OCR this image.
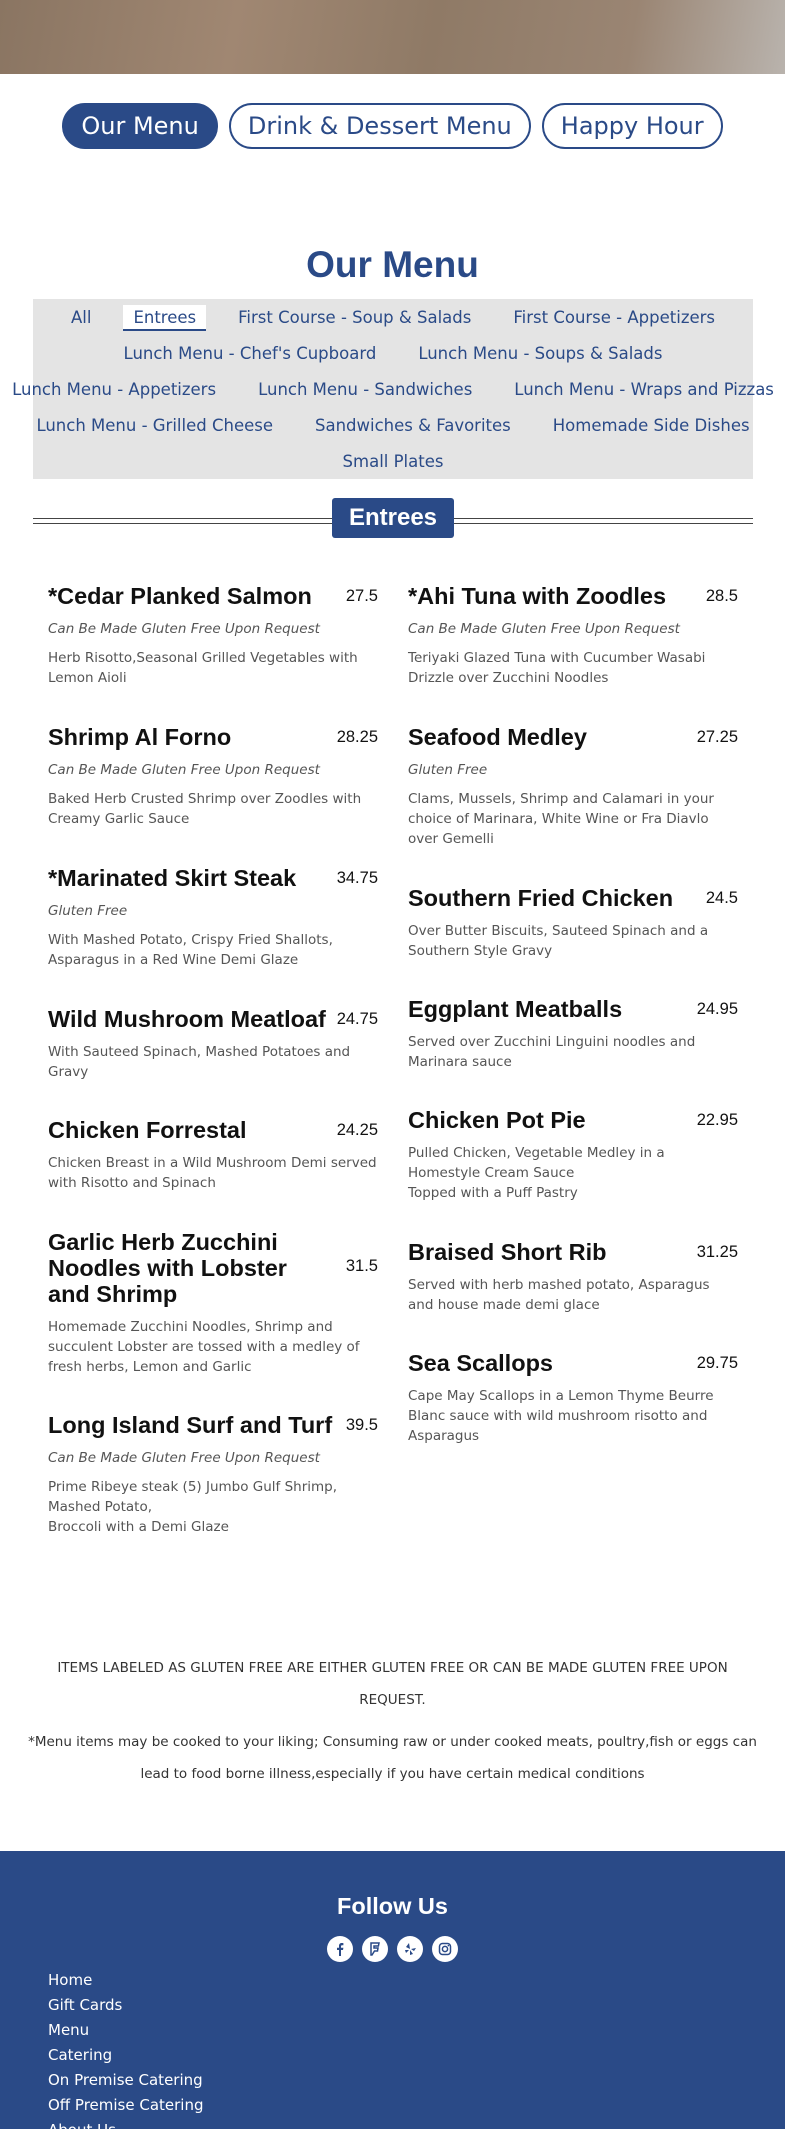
Our Menu	Drink & Dessert Menu	Happy Hour
Our Menu
All	Entrees	First Course - Soup & Salads	First Course - Appetizers
Lunch Menu - Chef's Cupboard	Lunch Menu - Soups & Salads
Lunch Menu - Appetizers	Lunch Menu - Sandwiches	Lunch Menu - Wraps and Pizzas
Lunch Menu - Grilled Cheese	Sandwiches & Favorites	Homemade Side Dishes
Small Plates
Entrees
*Cedar Planked Salmon	27.5
Can Be Made Gluten Free Upon Request
Herb Risotto,Seasonal Grilled Vegetables with Lemon Aioli
Shrimp Al Forno	28.25
Can Be Made Gluten Free Upon Request
Baked Herb Crusted Shrimp over Zoodles with Creamy Garlic Sauce
*Marinated Skirt Steak	34.75
Gluten Free
With Mashed Potato, Crispy Fried Shallots, Asparagus in a Red Wine Demi Glaze
Wild Mushroom Meatloaf 24.75
With Sauteed Spinach, Mashed Potatoes and Gravy
Chicken Forrestal	24.25
Chicken Breast in a Wild Mushroom Demi served with Risotto and Spinach
Garlic Herb Zucchini Noodles with Lobster and Shrimp
31.5
Homemade Zucchini Noodles, Shrimp and succulent Lobster are tossed with a medley of fresh herbs, Lemon and Garlic
Long Island Surf and Turf 39.5
Can Be Made Gluten Free Upon Request
Prime Ribeye steak (5) Jumbo Gulf Shrimp, Mashed Potato,
Broccoli with a Demi Glaze
*Ahi Tuna with Zoodles	28.5
Can Be Made Gluten Free Upon Request
Teriyaki Glazed Tuna with Cucumber Wasabi Drizzle over Zucchini Noodles
Seafood Medley	27.25
Gluten Free
Clams, Mussels, Shrimp and Calamari in your choice of Marinara, White Wine or Fra Diavlo over Gemelli
Southern Fried Chicken	24.5
Over Butter Biscuits, Sauteed Spinach and a Southern Style Gravy
Eggplant Meatballs	24.95
Served over Zucchini Linguini noodles and Marinara sauce
Chicken Pot Pie	22.95
Pulled Chicken, Vegetable Medley in a Homestyle Cream Sauce
Topped with a Puff Pastry
Braised Short Rib	31.25
Served with herb mashed potato, Asparagus and house made demi glace
Sea Scallops	29.75
Cape May Scallops in a Lemon Thyme Beurre Blanc sauce with wild mushroom risotto and Asparagus

ITEMS LABELED AS GLUTEN FREE ARE EITHER GLUTEN FREE OR CAN BE MADE GLUTEN FREE UPON REQUEST.

*Menu items may be cooked to your liking; Consuming raw or under cooked meats, poultry,fish or eggs can lead to food borne illness,especially if you have certain medical conditions

Follow Us
Home
Gift Cards
Menu
Catering
On Premise Catering
Off Premise Catering
About Us
